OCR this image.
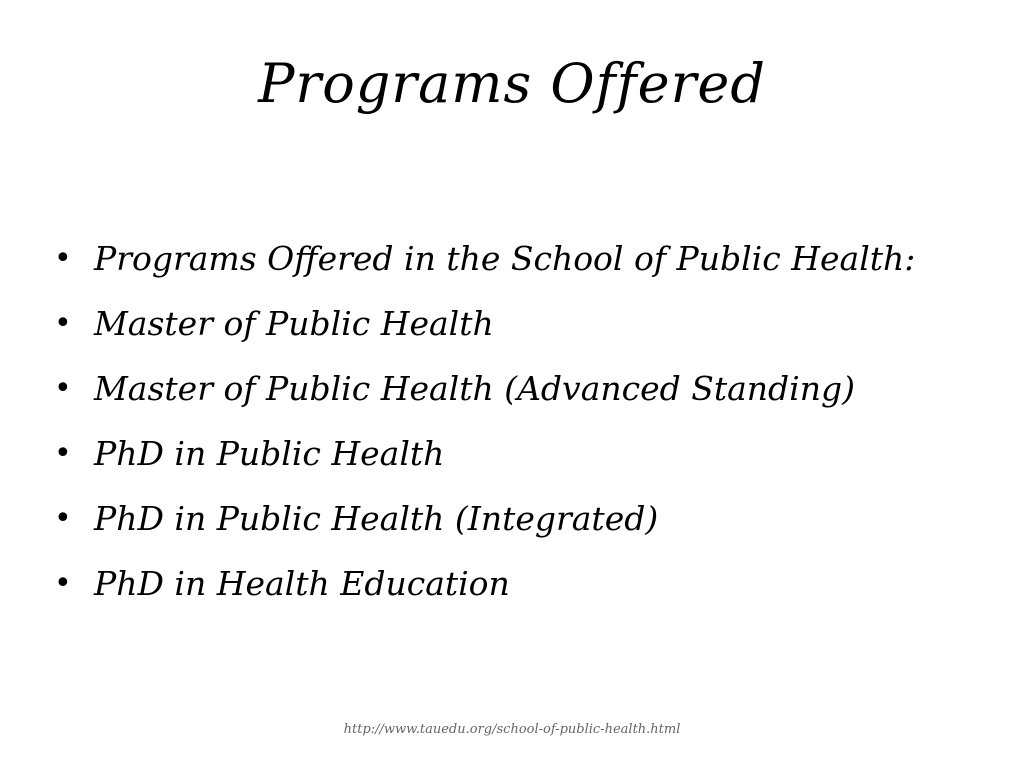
Programs Offered
• Programs Offered in the School of Public Health:
• Master of Public Health
• Master of Public Health (Advanced Standing)
• PhD in Public Health
• PhD in Public Health (Integrated)
• PhD in Health Education
http://www.tauedu.org/school-of-public-health.html
